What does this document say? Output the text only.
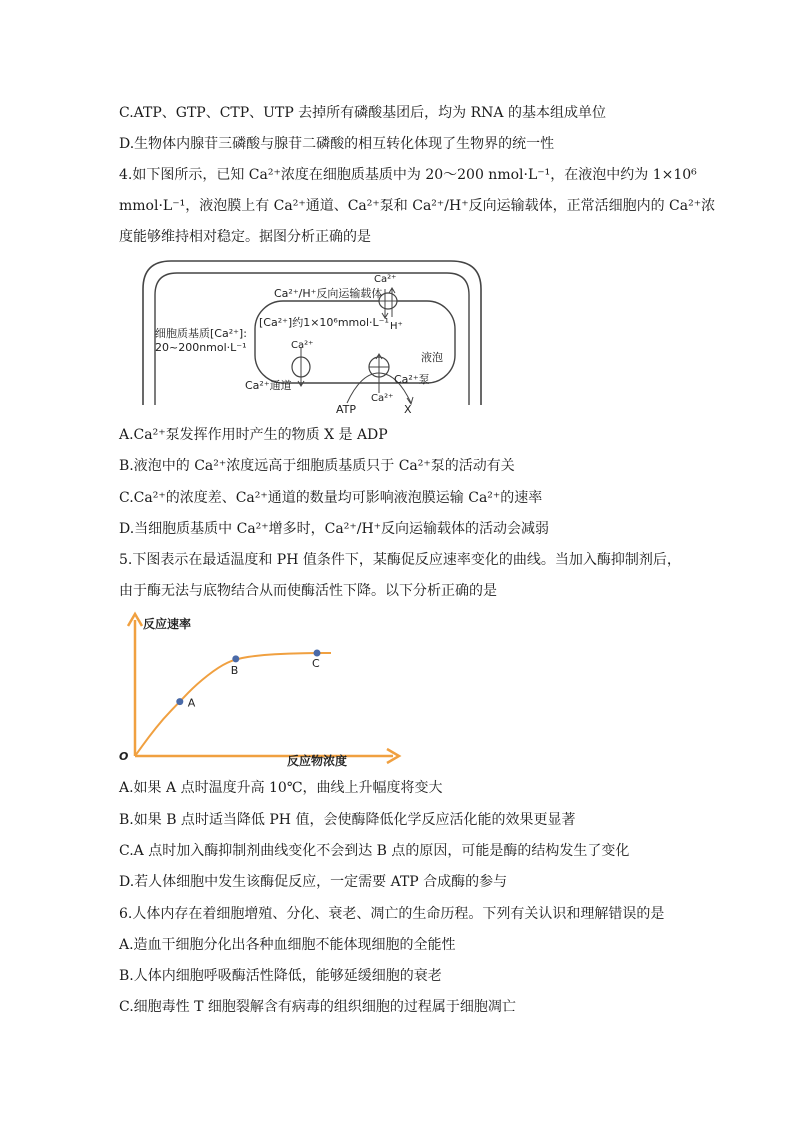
C.ATP、GTP、CTP、UTP 去掉所有磷酸基团后，均为 RNA 的基本组成单位
D.生物体内腺苷三磷酸与腺苷二磷酸的相互转化体现了生物界的统一性
4.如下图所示，已知 Ca²⁺浓度在细胞质基质中为 20～200 nmol·L⁻¹，在液泡中约为 1×10⁶
mmol·L⁻¹，液泡膜上有 Ca²⁺通道、Ca²⁺泵和 Ca²⁺/H⁺反向运输载体，正常活细胞内的 Ca²⁺浓
度能够维持相对稳定。据图分析正确的是
细胞质基质[Ca²⁺]:
20~200nmol·L⁻¹
Ca²⁺/H⁺反向运输载体
Ca²⁺
H⁺
[Ca²⁺]约1×10⁶mmol·L⁻¹
液泡
Ca²⁺
Ca²⁺通道	Ca²⁺泵
Ca²⁺
ATP	X
A.Ca²⁺泵发挥作用时产生的物质 X 是 ADP
B.液泡中的 Ca²⁺浓度远高于细胞质基质只于 Ca²⁺泵的活动有关
C.Ca²⁺的浓度差、Ca²⁺通道的数量均可影响液泡膜运输 Ca²⁺的速率
D.当细胞质基质中 Ca²⁺增多时，Ca²⁺/H⁺反向运输载体的活动会减弱
5.下图表示在最适温度和 PH 值条件下，某酶促反应速率变化的曲线。当加入酶抑制剂后，
由于酶无法与底物结合从而使酶活性下降。以下分析正确的是
反应速率
反应物浓度
O
A
B
C
A.如果 A 点时温度升高 10℃，曲线上升幅度将变大
B.如果 B 点时适当降低 PH 值，会使酶降低化学反应活化能的效果更显著
C.A 点时加入酶抑制剂曲线变化不会到达 B 点的原因，可能是酶的结构发生了变化
D.若人体细胞中发生该酶促反应，一定需要 ATP 合成酶的参与
6.人体内存在着细胞增殖、分化、衰老、凋亡的生命历程。下列有关认识和理解错误的是
A.造血干细胞分化出各种血细胞不能体现细胞的全能性
B.人体内细胞呼吸酶活性降低，能够延缓细胞的衰老
C.细胞毒性 T 细胞裂解含有病毒的组织细胞的过程属于细胞凋亡
